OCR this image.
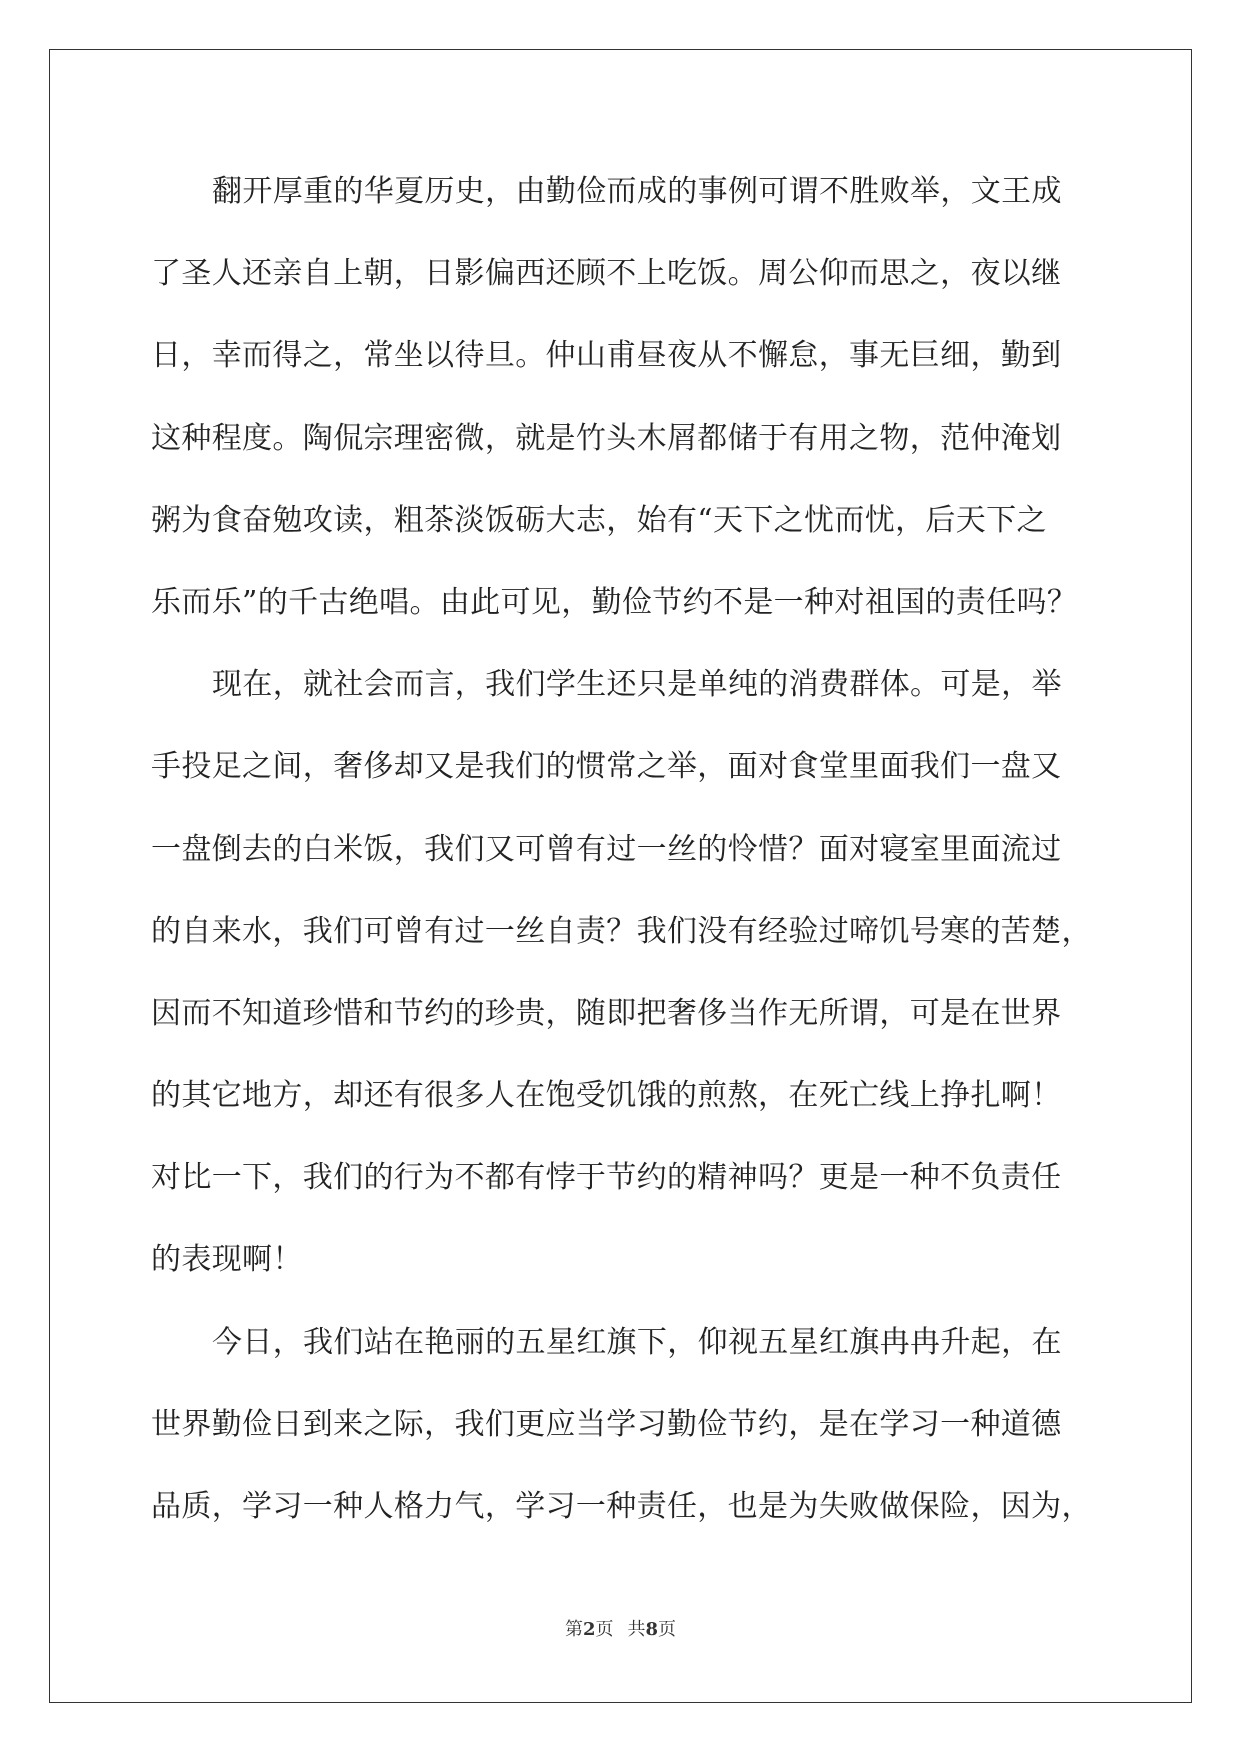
翻开厚重的华夏历史，由勤俭而成的事例可谓不胜败举，文王成
了圣人还亲自上朝，日影偏西还顾不上吃饭。周公仰而思之，夜以继
日，幸而得之，常坐以待旦。仲山甫昼夜从不懈怠，事无巨细，勤到
这种程度。陶侃宗理密微，就是竹头木屑都储于有用之物，范仲淹划
粥为食奋勉攻读，粗茶淡饭砺大志，始有“天下之忧而忧，后天下之
乐而乐”的千古绝唱。由此可见，勤俭节约不是一种对祖国的责任吗？
现在，就社会而言，我们学生还只是单纯的消费群体。可是，举
手投足之间，奢侈却又是我们的惯常之举，面对食堂里面我们一盘又
一盘倒去的白米饭，我们又可曾有过一丝的怜惜？面对寝室里面流过
的自来水，我们可曾有过一丝自责？我们没有经验过啼饥号寒的苦楚，
因而不知道珍惜和节约的珍贵，随即把奢侈当作无所谓，可是在世界
的其它地方，却还有很多人在饱受饥饿的煎熬，在死亡线上挣扎啊！
对比一下，我们的行为不都有悖于节约的精神吗？更是一种不负责任
的表现啊！
今日，我们站在艳丽的五星红旗下，仰视五星红旗冉冉升起，在
世界勤俭日到来之际，我们更应当学习勤俭节约，是在学习一种道德
品质，学习一种人格力气，学习一种责任，也是为失败做保险，因为，
第2页 共8页
